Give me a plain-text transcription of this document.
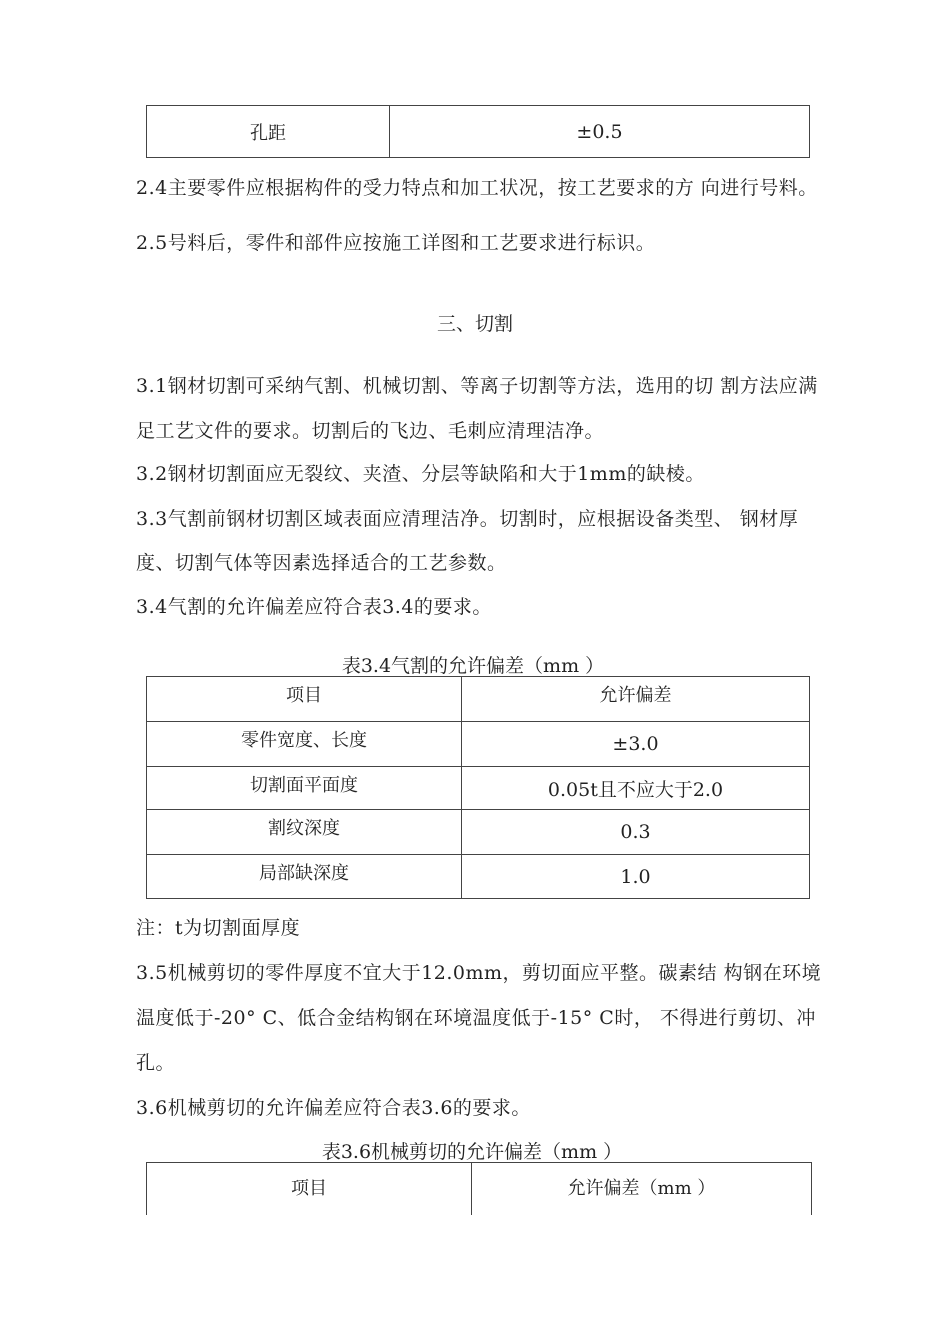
孔距	±0.5
2.4主要零件应根据构件的受力特点和加工状况，按工艺要求的方 向进行号料。
2.5号料后，零件和部件应按施工详图和工艺要求进行标识。
三、切割
3.1钢材切割可采纳气割、机械切割、等离子切割等方法，选用的切 割方法应满
足工艺文件的要求。切割后的飞边、毛刺应清理洁净。
3.2钢材切割面应无裂纹、夹渣、分层等缺陷和大于1mm的缺棱。
3.3气割前钢材切割区域表面应清理洁净。切割时，应根据设备类型、 钢材厚
度、切割气体等因素选择适合的工艺参数。
3.4气割的允许偏差应符合表3.4的要求。
表3.4气割的允许偏差（mm ）
项目	允许偏差
零件宽度、长度	±3.0
切割面平面度	0.05t且不应大于2.0
割纹深度	0.3
局部缺深度	1.0
注：t为切割面厚度
3.5机械剪切的零件厚度不宜大于12.0mm，剪切面应平整。碳素结 构钢在环境
温度低于-20° C、低合金结构钢在环境温度低于-15° C时， 不得进行剪切、冲
孔。
3.6机械剪切的允许偏差应符合表3.6的要求。
表3.6机械剪切的允许偏差（mm ）
项目	允许偏差（mm ）
